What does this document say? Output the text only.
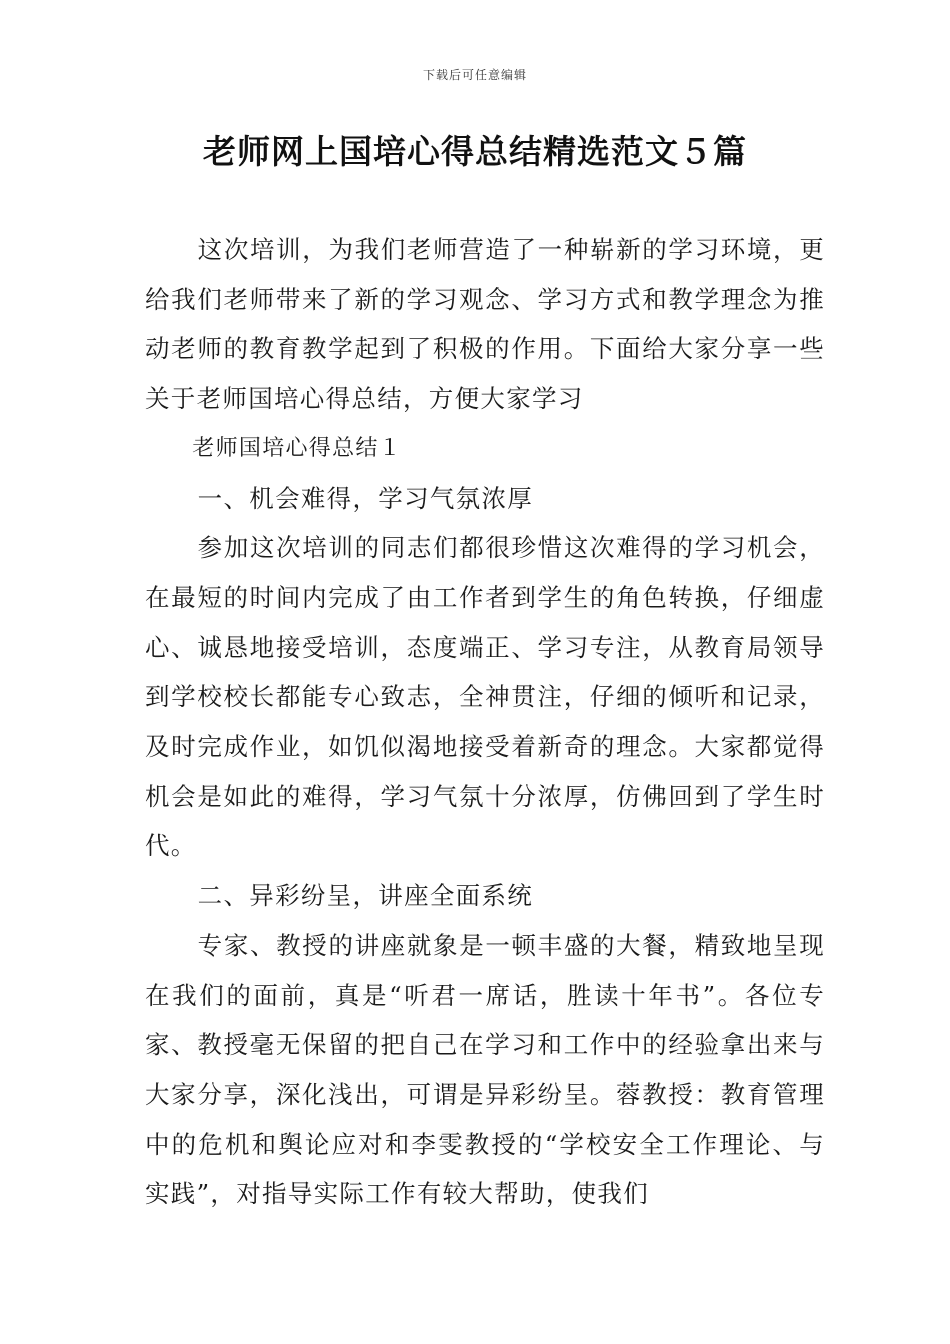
下载后可任意编辑
老师网上国培心得总结精选范文５篇

这次培训，为我们老师营造了一种崭新的学习环境，更给我们老师带来了新的学习观念、学习方式和教学理念为推动老师的教育教学起到了积极的作用。下面给大家分享一些关于老师国培心得总结，方便大家学习

老师国培心得总结１

一、机会难得，学习气氛浓厚

参加这次培训的同志们都很珍惜这次难得的学习机会，在最短的时间内完成了由工作者到学生的角色转换，仔细虚心、诚恳地接受培训，态度端正、学习专注，从教育局领导到学校校长都能专心致志，全神贯注，仔细的倾听和记录，及时完成作业，如饥似渴地接受着新奇的理念。大家都觉得机会是如此的难得，学习气氛十分浓厚，仿佛回到了学生时代。

二、异彩纷呈，讲座全面系统

专家、教授的讲座就象是一顿丰盛的大餐，精致地呈现在我们的面前，真是“听君一席话，胜读十年书”。各位专家、教授毫无保留的把自己在学习和工作中的经验拿出来与大家分享，深化浅出，可谓是异彩纷呈。蓉教授：教育管理中的危机和舆论应对和李雯教授的“学校安全工作理论、与实践”，对指导实际工作有较大帮助，使我们
